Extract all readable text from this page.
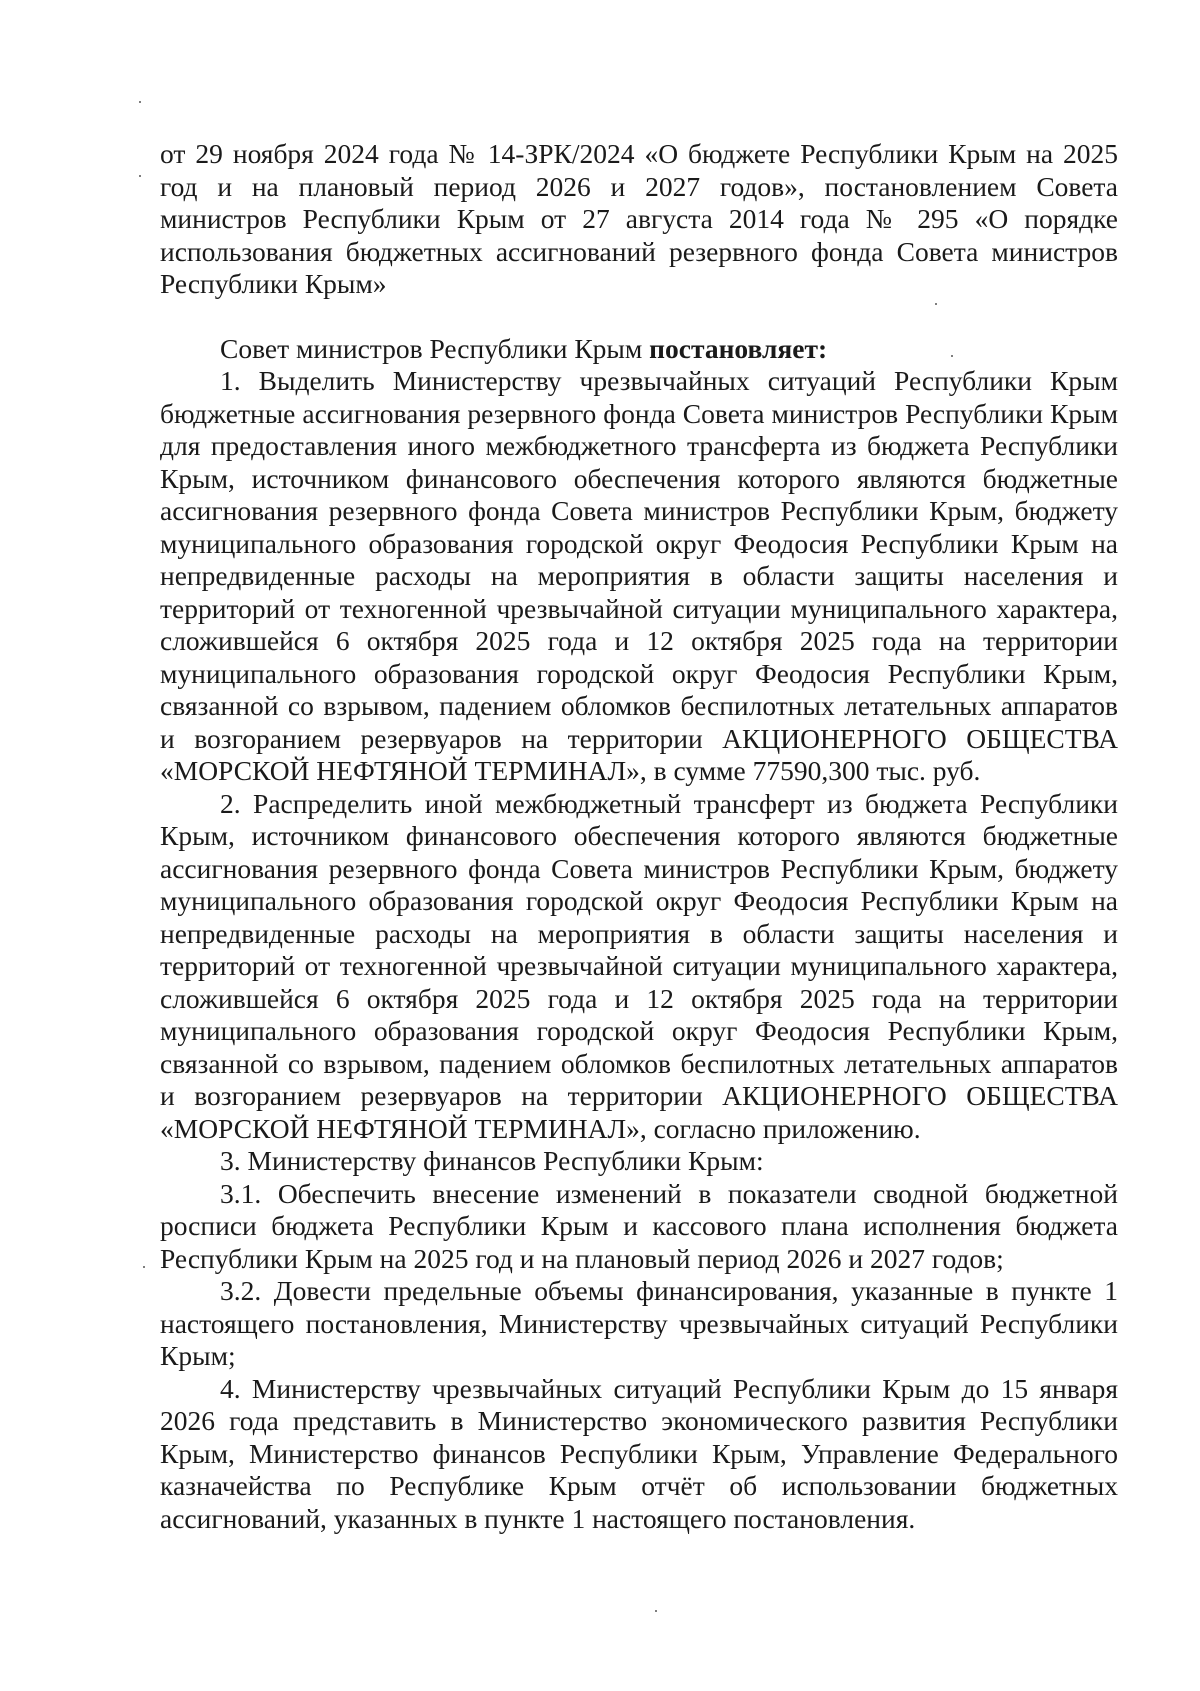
от 29 ноября 2024 года № 14-ЗРК/2024 «О бюджете Республики Крым на 2025 год и на плановый период 2026 и 2027 годов», постановлением Совета министров Республики Крым от 27 августа 2014 года № 295 «О порядке использования бюджетных ассигнований резервного фонда Совета министров Республики Крым»

Совет министров Республики Крым постановляет:

1. Выделить Министерству чрезвычайных ситуаций Республики Крым бюджетные ассигнования резервного фонда Совета министров Республики Крым для предоставления иного межбюджетного трансферта из бюджета Республики Крым, источником финансового обеспечения которого являются бюджетные ассигнования резервного фонда Совета министров Республики Крым, бюджету муниципального образования городской округ Феодосия Республики Крым на непредвиденные расходы на мероприятия в области защиты населения и территорий от техногенной чрезвычайной ситуации муниципального характера, сложившейся 6 октября 2025 года и 12 октября 2025 года на территории муниципального образования городской округ Феодосия Республики Крым, связанной со взрывом, падением обломков беспилотных летательных аппаратов и возгоранием резервуаров на территории АКЦИОНЕРНОГО ОБЩЕСТВА «МОРСКОЙ НЕФТЯНОЙ ТЕРМИНАЛ», в сумме 77590,300 тыс. руб.

2. Распределить иной межбюджетный трансферт из бюджета Республики Крым, источником финансового обеспечения которого являются бюджетные ассигнования резервного фонда Совета министров Республики Крым, бюджету муниципального образования городской округ Феодосия Республики Крым на непредвиденные расходы на мероприятия в области защиты населения и территорий от техногенной чрезвычайной ситуации муниципального характера, сложившейся 6 октября 2025 года и 12 октября 2025 года на территории муниципального образования городской округ Феодосия Республики Крым, связанной со взрывом, падением обломков беспилотных летательных аппаратов и возгоранием резервуаров на территории АКЦИОНЕРНОГО ОБЩЕСТВА «МОРСКОЙ НЕФТЯНОЙ ТЕРМИНАЛ», согласно приложению.

3. Министерству финансов Республики Крым:

3.1. Обеспечить внесение изменений в показатели сводной бюджетной росписи бюджета Республики Крым и кассового плана исполнения бюджета Республики Крым на 2025 год и на плановый период 2026 и 2027 годов;

3.2. Довести предельные объемы финансирования, указанные в пункте 1 настоящего постановления, Министерству чрезвычайных ситуаций Республики Крым;

4. Министерству чрезвычайных ситуаций Республики Крым до 15 января 2026 года представить в Министерство экономического развития Республики Крым, Министерство финансов Республики Крым, Управление Федерального казначейства по Республике Крым отчёт об использовании бюджетных ассигнований, указанных в пункте 1 настоящего постановления.
